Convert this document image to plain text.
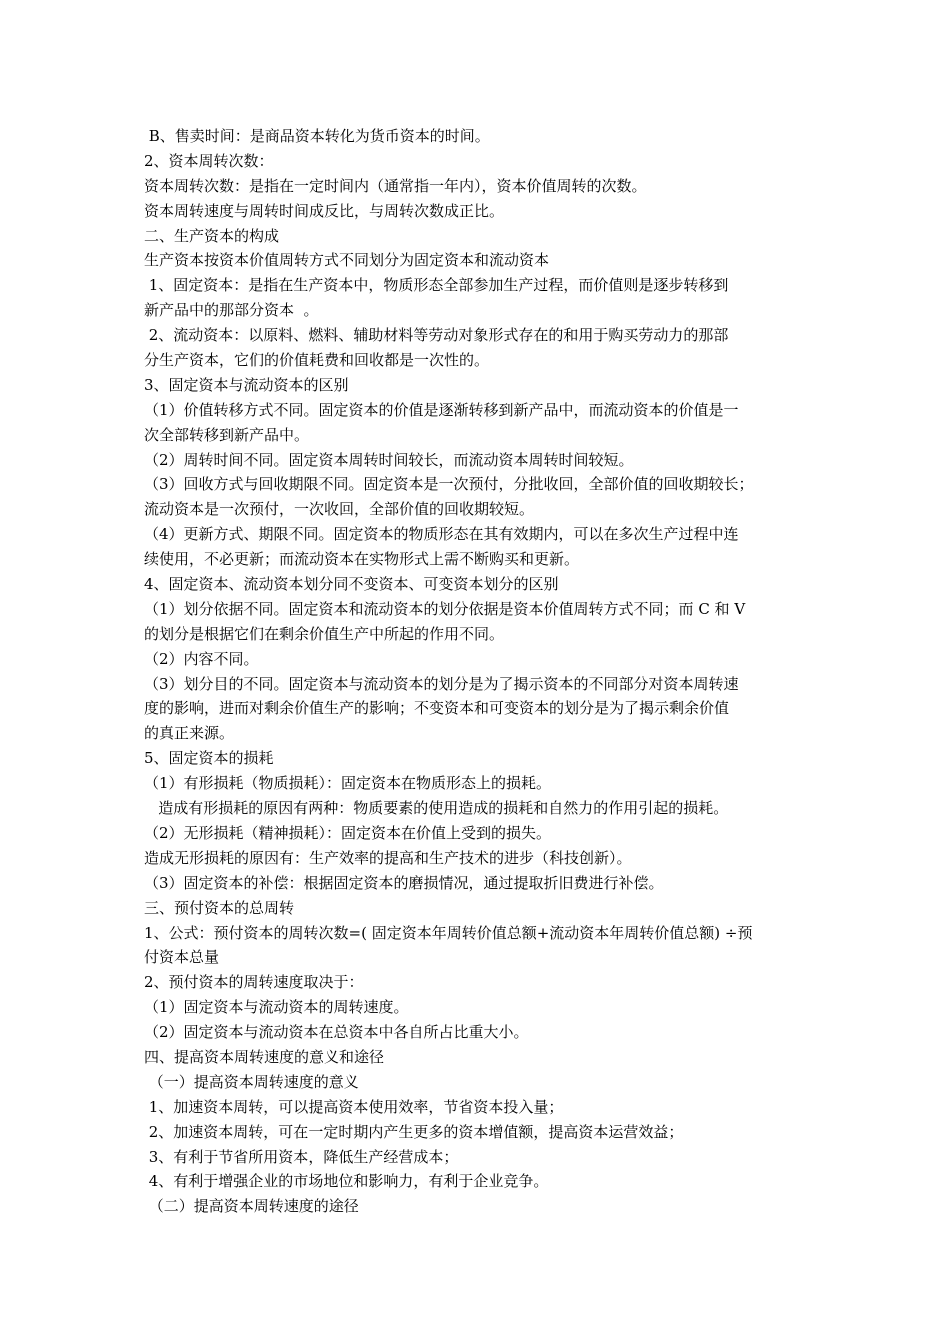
B、售卖时间：是商品资本转化为货币资本的时间。
2、资本周转次数：
资本周转次数：是指在一定时间内（通常指一年内），资本价值周转的次数。
资本周转速度与周转时间成反比，与周转次数成正比。
二、生产资本的构成
生产资本按资本价值周转方式不同划分为固定资本和流动资本
1、固定资本：是指在生产资本中，物质形态全部参加生产过程，而价值则是逐步转移到
新产品中的那部分资本  。
2、流动资本：以原料、燃料、辅助材料等劳动对象形式存在的和用于购买劳动力的那部
分生产资本，它们的价值耗费和回收都是一次性的。
3、固定资本与流动资本的区别
（1）价值转移方式不同。固定资本的价值是逐渐转移到新产品中，而流动资本的价值是一
次全部转移到新产品中。
（2）周转时间不同。固定资本周转时间较长，而流动资本周转时间较短。
（3）回收方式与回收期限不同。固定资本是一次预付，分批收回，全部价值的回收期较长；
流动资本是一次预付，一次收回，全部价值的回收期较短。
（4）更新方式、期限不同。固定资本的物质形态在其有效期内，可以在多次生产过程中连
续使用，不必更新；而流动资本在实物形式上需不断购买和更新。
4、固定资本、流动资本划分同不变资本、可变资本划分的区别
（1）划分依据不同。固定资本和流动资本的划分依据是资本价值周转方式不同；而 C 和 V
的划分是根据它们在剩余价值生产中所起的作用不同。
（2）内容不同。
（3）划分目的不同。固定资本与流动资本的划分是为了揭示资本的不同部分对资本周转速
度的影响，进而对剩余价值生产的影响；不变资本和可变资本的划分是为了揭示剩余价值
的真正来源。
5、固定资本的损耗
（1）有形损耗（物质损耗）：固定资本在物质形态上的损耗。
造成有形损耗的原因有两种：物质要素的使用造成的损耗和自然力的作用引起的损耗。
（2）无形损耗（精神损耗）：固定资本在价值上受到的损失。
造成无形损耗的原因有：生产效率的提高和生产技术的进步（科技创新）。
（3）固定资本的补偿：根据固定资本的磨损情况，通过提取折旧费进行补偿。
三、预付资本的总周转
1、公式：预付资本的周转次数=( 固定资本年周转价值总额+流动资本年周转价值总额) ÷预
付资本总量
2、预付资本的周转速度取决于：
（1）固定资本与流动资本的周转速度。
（2）固定资本与流动资本在总资本中各自所占比重大小。
四、提高资本周转速度的意义和途径
（一）提高资本周转速度的意义
1、加速资本周转，可以提高资本使用效率，节省资本投入量；
2、加速资本周转，可在一定时期内产生更多的资本增值额，提高资本运营效益；
3、有利于节省所用资本，降低生产经营成本；
4、有利于增强企业的市场地位和影响力，有利于企业竞争。
（二）提高资本周转速度的途径
